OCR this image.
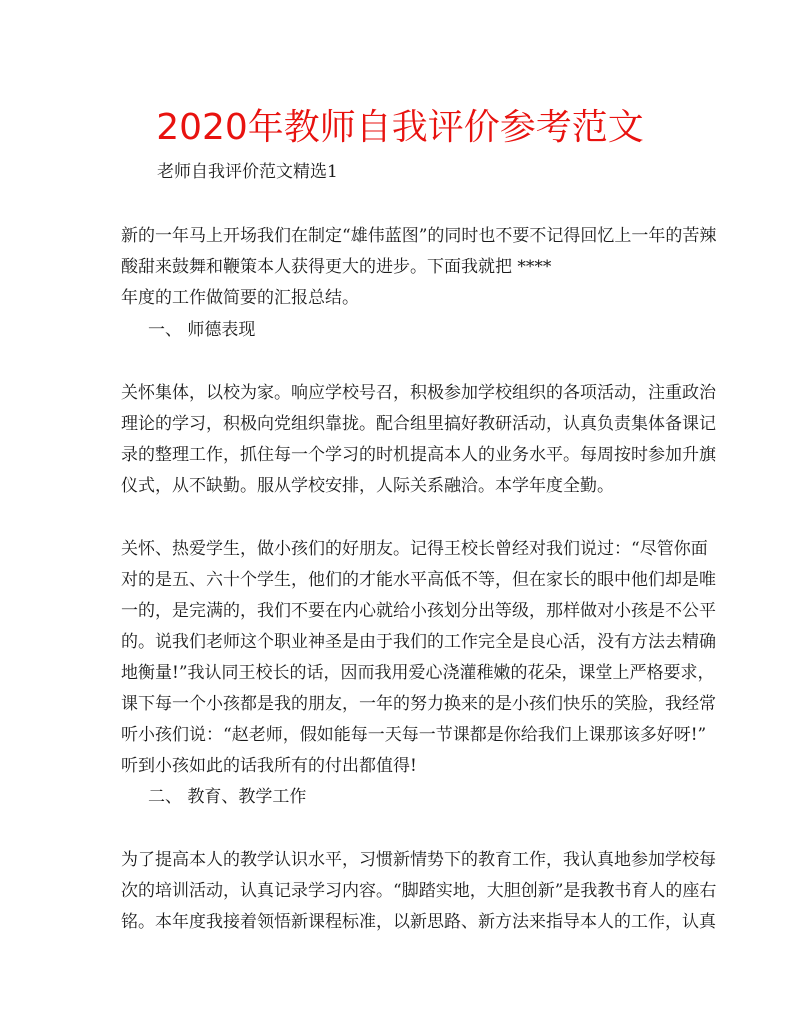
2020年教师自我评价参考范文

老师自我评价范文精选1

新的一年马上开场我们在制定“雄伟蓝图”的同时也不要不记得回忆上一年的苦辣

酸甜来鼓舞和鞭策本人获得更大的进步。下面我就把 ****

年度的工作做简要的汇报总结。

一、 师德表现

关怀集体，以校为家。响应学校号召，积极参加学校组织的各项活动，注重政治

理论的学习，积极向党组织靠拢。配合组里搞好教研活动，认真负责集体备课记

录的整理工作，抓住每一个学习的时机提高本人的业务水平。每周按时参加升旗

仪式，从不缺勤。服从学校安排，人际关系融洽。本学年度全勤。

关怀、热爱学生，做小孩们的好朋友。记得王校长曾经对我们说过：“尽管你面

对的是五、六十个学生，他们的才能水平高低不等，但在家长的眼中他们却是唯

一的，是完满的，我们不要在内心就给小孩划分出等级，那样做对小孩是不公平

的。说我们老师这个职业神圣是由于我们的工作完全是良心活，没有方法去精确

地衡量!”我认同王校长的话，因而我用爱心浇灌稚嫩的花朵，课堂上严格要求，

课下每一个小孩都是我的朋友，一年的努力换来的是小孩们快乐的笑脸，我经常

听小孩们说：“赵老师，假如能每一天每一节课都是你给我们上课那该多好呀!”

听到小孩如此的话我所有的付出都值得!

二、 教育、教学工作

为了提高本人的教学认识水平，习惯新情势下的教育工作，我认真地参加学校每

次的培训活动，认真记录学习内容。“脚踏实地，大胆创新”是我教书育人的座右

铭。本年度我接着领悟新课程标准，以新思路、新方法来指导本人的工作，认真
